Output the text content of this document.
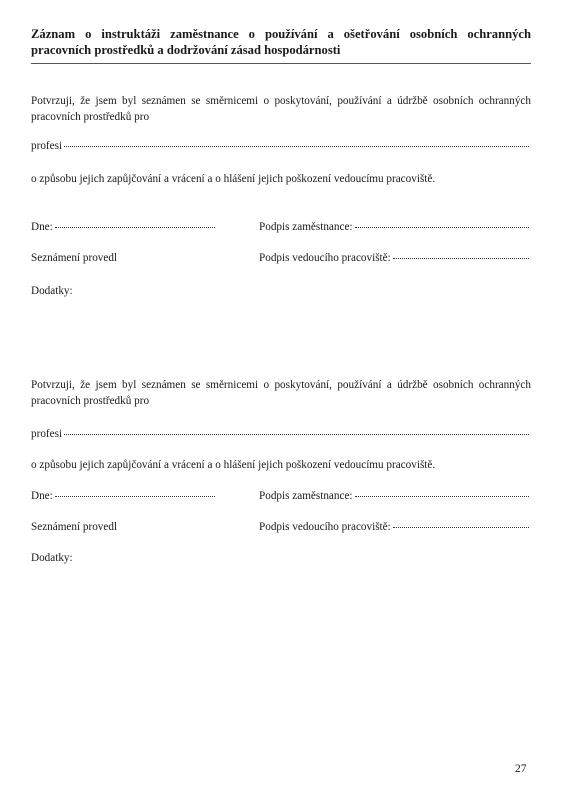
Záznam o instruktáži zaměstnance o používání a ošetřování osobních ochranných pracovních prostředků a dodržování zásad hospodárnosti
Potvrzuji, že jsem byl seznámen se směrnicemi o poskytování, používání a údržbě osobních ochranných pracovních prostředků pro
profesi
o způsobu jejich zapůjčování a vrácení a o hlášení jejich poškození vedoucímu pracoviště.
Dne:	Podpis zaměstnance:
Seznámení provedl	Podpis vedoucího pracoviště:
Dodatky:
Potvrzuji, že jsem byl seznámen se směrnicemi o poskytování, používání a údržbě osobních ochranných pracovních prostředků pro
profesi
o způsobu jejich zapůjčování a vrácení a o hlášení jejich poškození vedoucímu pracoviště.
Dne:	Podpis zaměstnance:
Seznámení provedl	Podpis vedoucího pracoviště:
Dodatky:
27
